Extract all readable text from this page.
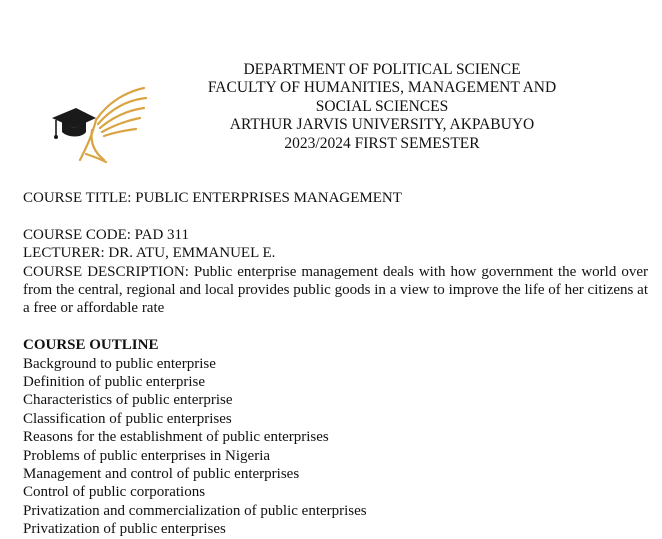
DEPARTMENT OF POLITICAL SCIENCE
FACULTY OF HUMANITIES, MANAGEMENT AND SOCIAL SCIENCES
ARTHUR JARVIS UNIVERSITY, AKPABUYO
2023/2024 FIRST SEMESTER
COURSE TITLE: PUBLIC ENTERPRISES MANAGEMENT
COURSE CODE: PAD 311
LECTURER: DR. ATU, EMMANUEL E.
COURSE DESCRIPTION: Public enterprise management deals with how government the world over from the central, regional and local provides public goods in a view to improve the life of her citizens at a free or affordable rate
COURSE OUTLINE
Background to public enterprise
Definition of public enterprise
Characteristics of public enterprise
Classification of public enterprises
Reasons for the establishment of public enterprises
Problems of public enterprises in Nigeria
Management and control of public enterprises
Control of public corporations
Privatization and commercialization of public enterprises
Privatization of public enterprises
